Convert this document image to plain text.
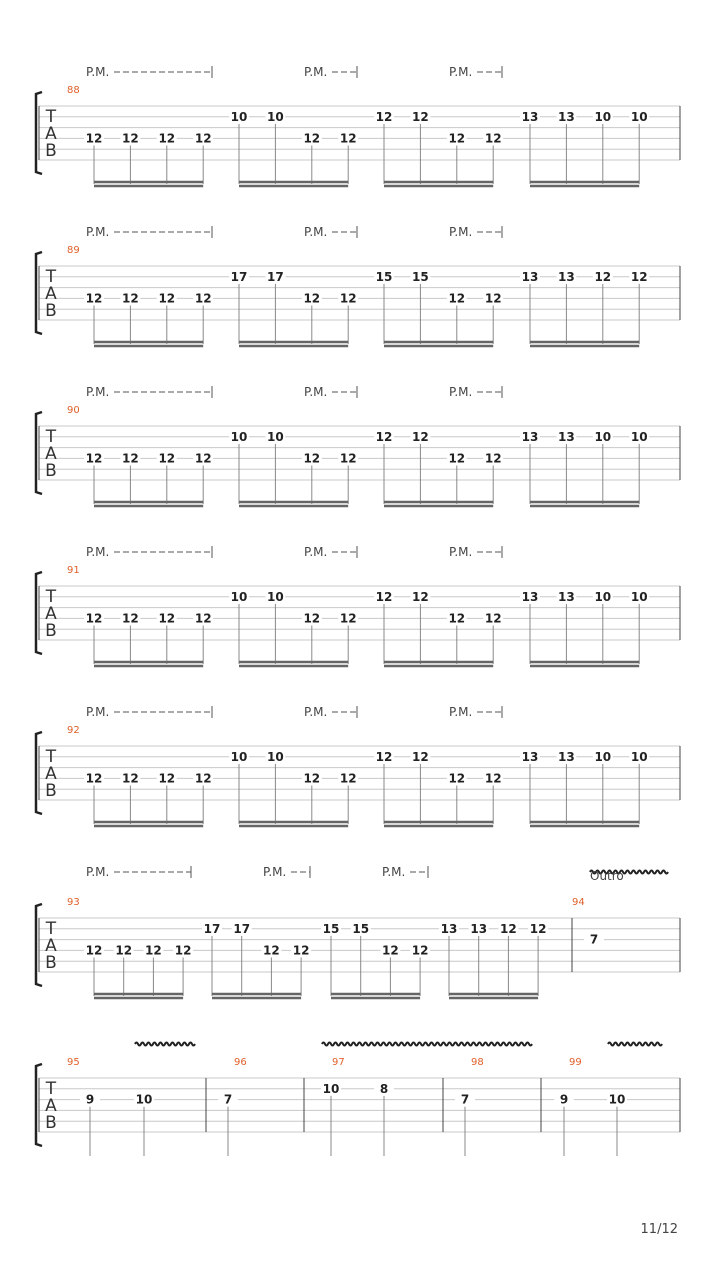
T
A
B
88
P.M.	P.M.	P.M.
12 12 12 12
10 10
12 12
12 12
12 12
13 13 10 10
T
A
B
89
P.M.	P.M.	P.M.
12 12 12 12
17 17
12 12
15 15
12 12
13 13 12 12
T
A
B
90
P.M.	P.M.	P.M.
12 12 12 12
10 10
12 12
12 12
12 12
13 13 10 10
T
A
B
91
P.M.	P.M.	P.M.
12 12 12 12
10 10
12 12
12 12
12 12
13 13 10 10
T
A
B
92
P.M.	P.M.	P.M.
12 12 12 12
10 10
12 12
12 12
12 12
13 13 10 10
T
A
B
93	94
P.M.	P.M.	P.M.
12 12 12 12
17 17
12 12
15 15
12 12
13 13 12 12
7
Outro
T
A
B
95
9	10
96
7
97
10	8
98
7
99
9	10
11/12
